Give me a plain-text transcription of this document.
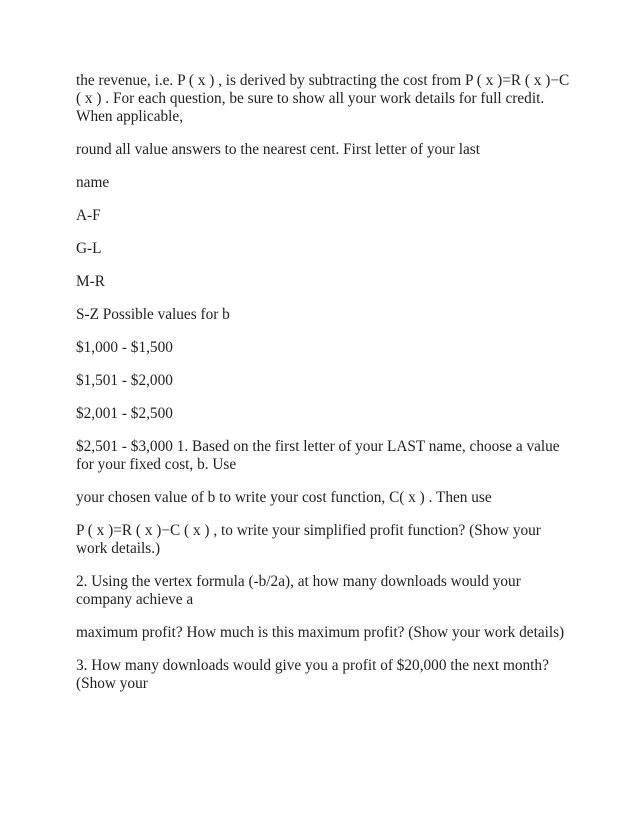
the revenue, i.e. P ( x ) , is derived by subtracting the cost from P ( x )=R ( x )−C ( x ) . For each question, be sure to show all your work details for full credit. When applicable,

round all value answers to the nearest cent. First letter of your last

name

A-F

G-L

M-R

S-Z Possible values for b

$1,000 - $1,500

$1,501 - $2,000

$2,001 - $2,500

$2,501 - $3,000 1. Based on the first letter of your LAST name, choose a value for your fixed cost, b. Use

your chosen value of b to write your cost function, C( x ) . Then use

P ( x )=R ( x )−C ( x ) , to write your simplified profit function? (Show your work details.)

2. Using the vertex formula (-b/2a), at how many downloads would your company achieve a

maximum profit? How much is this maximum profit? (Show your work details)

3. How many downloads would give you a profit of $20,000 the next month? (Show your
